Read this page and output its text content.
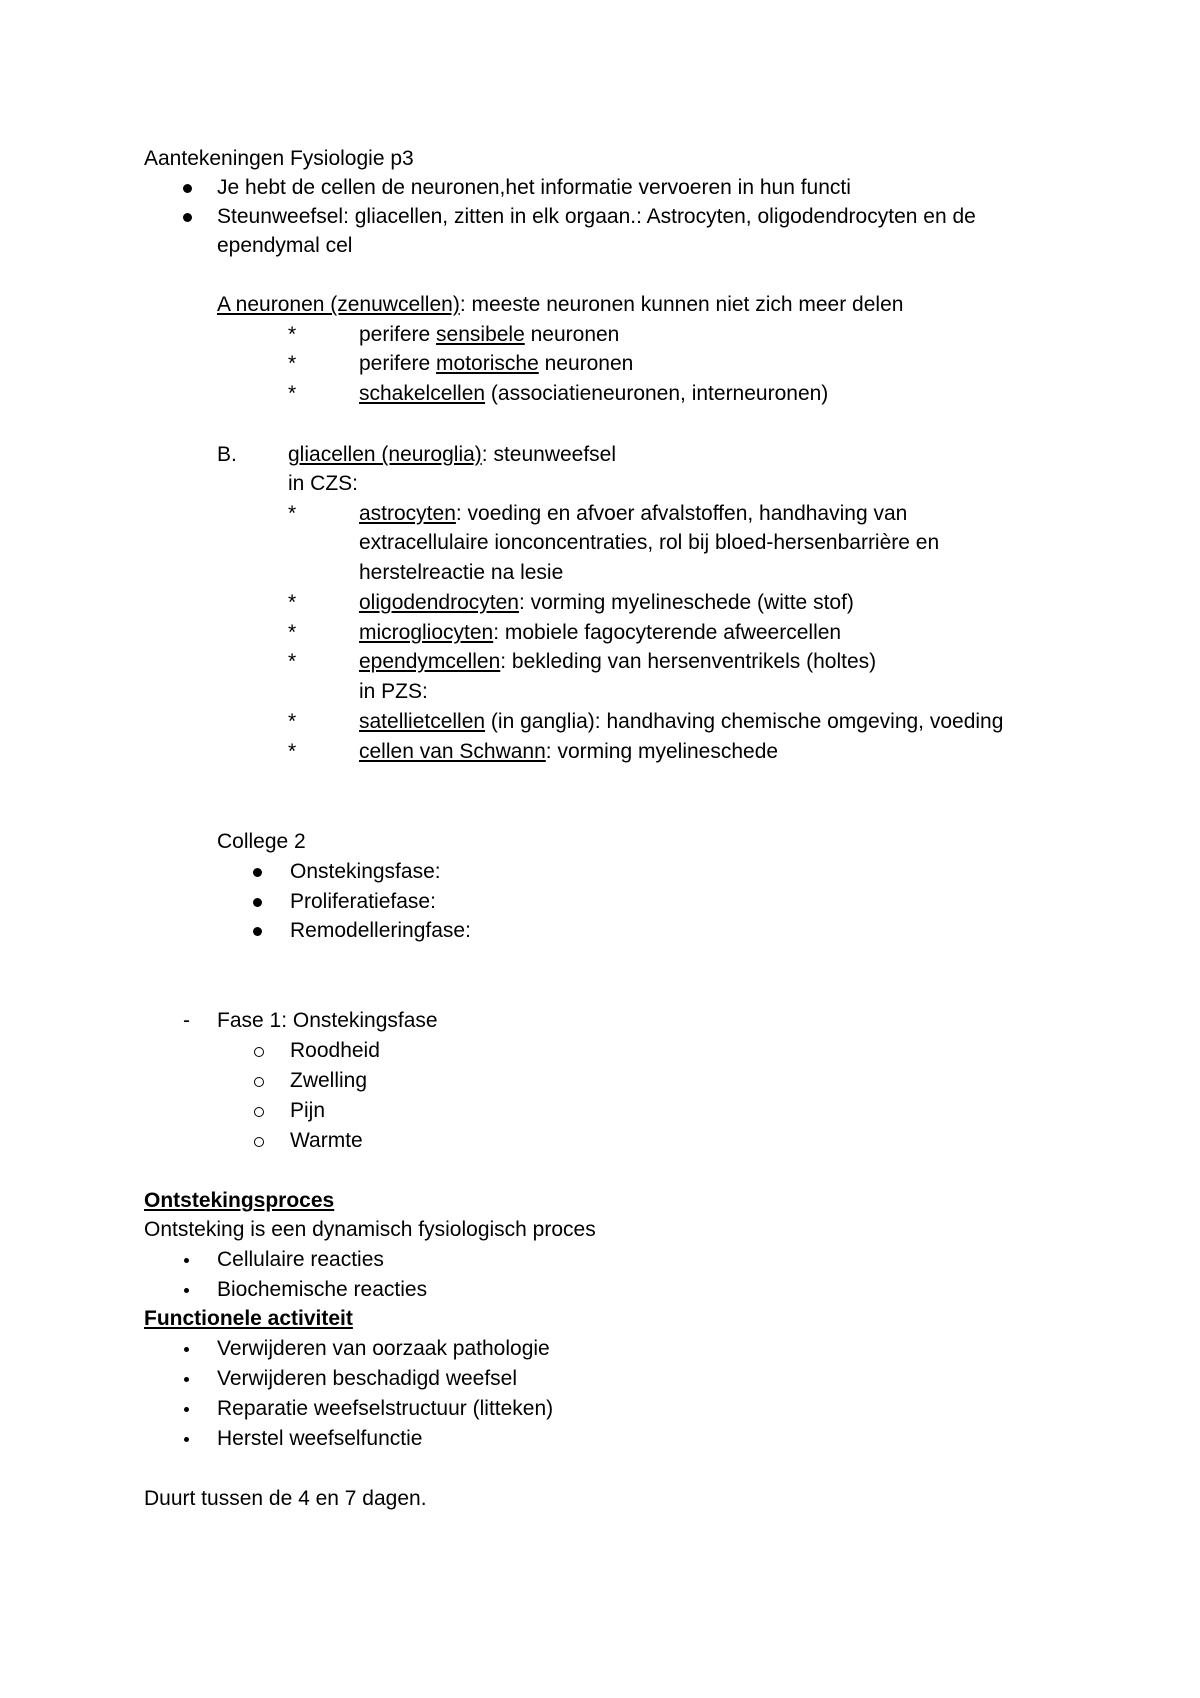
Aantekeningen Fysiologie p3
Je hebt de cellen de neuronen,het informatie vervoeren in hun functi
Steunweefsel: gliacellen, zitten in elk orgaan.: Astrocyten, oligodendrocyten en de
ependymal cel
A neuronen (zenuwcellen): meeste neuronen kunnen niet zich meer delen
*	perifere sensibele neuronen
*	perifere motorische neuronen
*	schakelcellen (associatieneuronen, interneuronen)
B. gliacellen (neuroglia): steunweefsel
in CZS:
*	astrocyten: voeding en afvoer afvalstoffen, handhaving van
extracellulaire ionconcentraties, rol bij bloed-hersenbarrière en
herstelreactie na lesie
*	oligodendrocyten: vorming myelineschede (witte stof)
*	microgliocyten: mobiele fagocyterende afweercellen
*	ependymcellen: bekleding van hersenventrikels (holtes)
in PZS:
*	satellietcellen (in ganglia): handhaving chemische omgeving, voeding
*	cellen van Schwann: vorming myelineschede
College 2
Onstekingsfase:
Proliferatiefase:
Remodelleringfase:
- Fase 1: Onstekingsfase
Roodheid
Zwelling
Pijn
Warmte
Ontstekingsproces
Ontsteking is een dynamisch fysiologisch proces
Cellulaire reacties
Biochemische reacties
Functionele activiteit
Verwijderen van oorzaak pathologie
Verwijderen beschadigd weefsel
Reparatie weefselstructuur (litteken)
Herstel weefselfunctie
Duurt tussen de 4 en 7 dagen.
